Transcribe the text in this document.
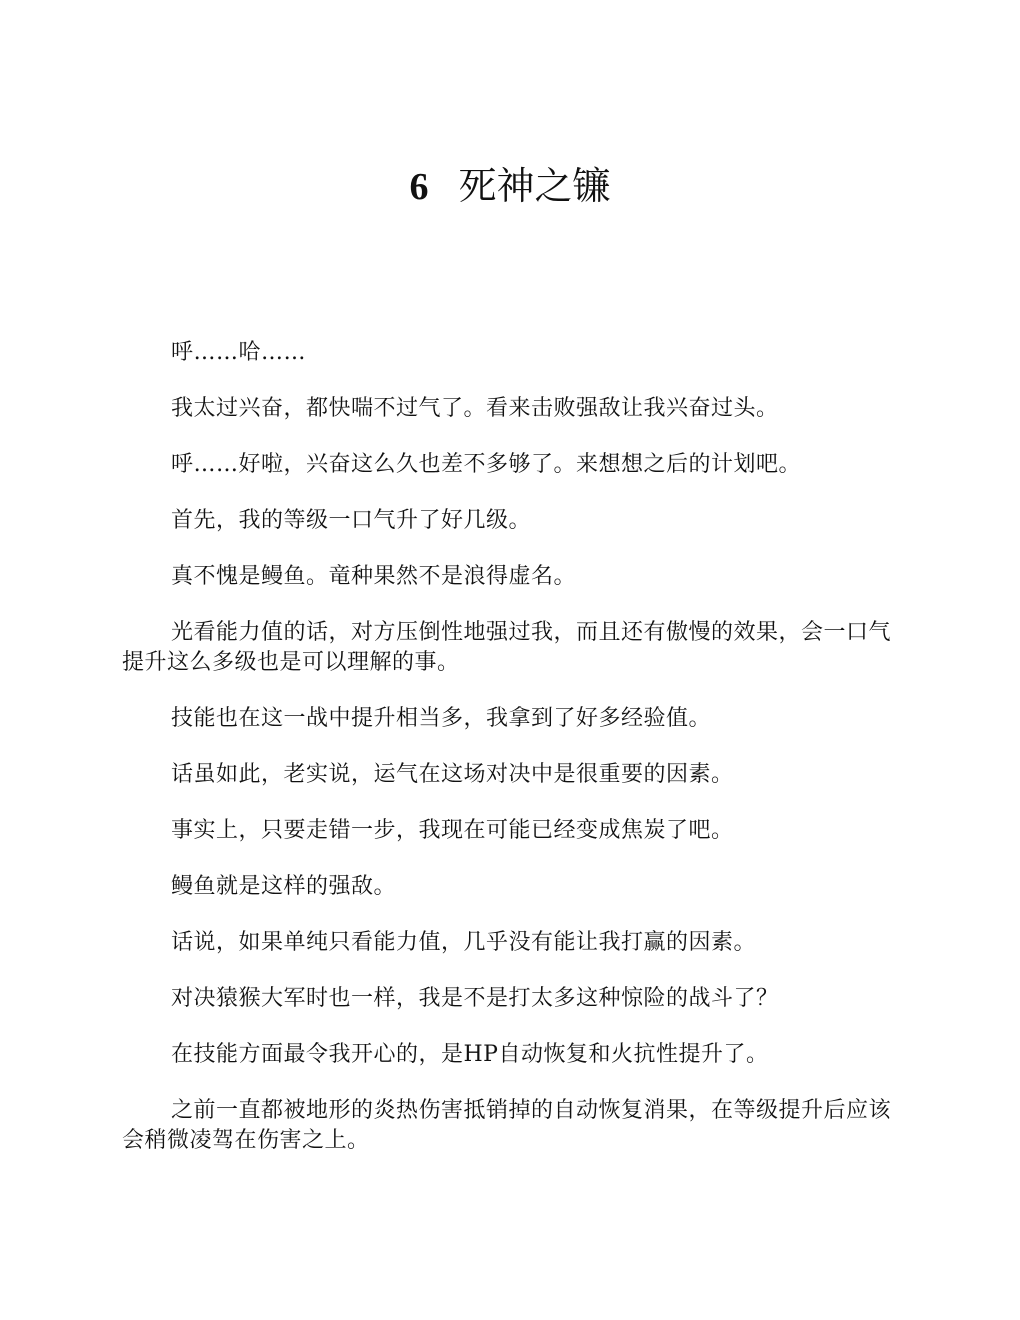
6 死神之镰

呼……哈……

我太过兴奋，都快喘不过气了。看来击败强敌让我兴奋过头。

呼……好啦，兴奋这么久也差不多够了。来想想之后的计划吧。

首先，我的等级一口气升了好几级。

真不愧是鳗鱼。竜种果然不是浪得虚名。

光看能力值的话，对方压倒性地强过我，而且还有傲慢的效果，会一口气提升这么多级也是可以理解的事。

技能也在这一战中提升相当多，我拿到了好多经验值。

话虽如此，老实说，运气在这场对决中是很重要的因素。

事实上，只要走错一步，我现在可能已经变成焦炭了吧。

鳗鱼就是这样的强敌。

话说，如果单纯只看能力值，几乎没有能让我打赢的因素。

对决猿猴大军时也一样，我是不是打太多这种惊险的战斗了？

在技能方面最令我开心的，是HP自动恢复和火抗性提升了。

之前一直都被地形的炎热伤害抵销掉的自动恢复消果，在等级提升后应该会稍微凌驾在伤害之上。
